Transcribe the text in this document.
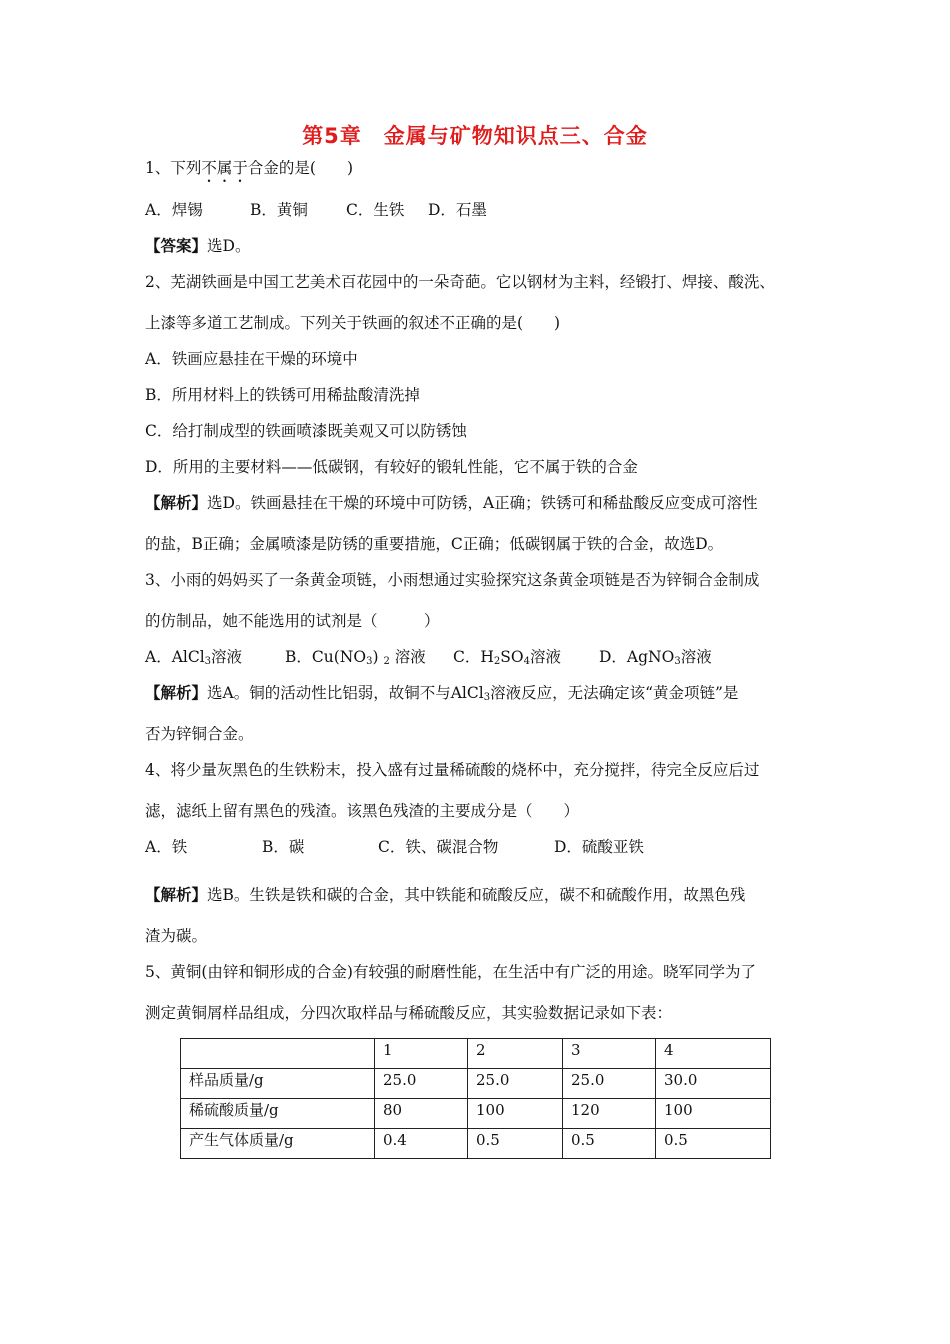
第5章　金属与矿物知识点三、合金
1、下列不属于合金的是(　　)
A．焊锡	B．黄铜 C．生铁 D．石墨
【答案】选D。
2、芜湖铁画是中国工艺美术百花园中的一朵奇葩。它以钢材为主料，经锻打、焊接、酸洗、
上漆等多道工艺制成。下列关于铁画的叙述不正确的是(　　)
A．铁画应悬挂在干燥的环境中
B．所用材料上的铁锈可用稀盐酸清洗掉
C．给打制成型的铁画喷漆既美观又可以防锈蚀
D．所用的主要材料——低碳钢，有较好的锻轧性能，它不属于铁的合金
【解析】选D。铁画悬挂在干燥的环境中可防锈，A正确；铁锈可和稀盐酸反应变成可溶性
的盐，B正确；金属喷漆是防锈的重要措施，C正确；低碳钢属于铁的合金，故选D。
3、小雨的妈妈买了一条黄金项链，小雨想通过实验探究这条黄金项链是否为锌铜合金制成
的仿制品，她不能选用的试剂是（　　　）
A．AlCl$_3$溶液	B．$Cu(NO_3)$ $_2$ 溶液 C．$H_2SO_4$溶液 D．AgNO$_3$溶液
【解析】选A。铜的活动性比铝弱，故铜不与AlCl$_3$溶液反应，无法确定该“黄金项链”是
否为锌铜合金。
4、将少量灰黑色的生铁粉末，投入盛有过量稀硫酸的烧杯中，充分搅拌，待完全反应后过
滤，滤纸上留有黑色的残渣。该黑色残渣的主要成分是（　　）
A．铁	B．碳	C．铁、碳混合物	D．硫酸亚铁
【解析】选B。生铁是铁和碳的合金，其中铁能和硫酸反应，碳不和硫酸作用，故黑色残
渣为碳。
5、黄铜(由锌和铜形成的合金)有较强的耐磨性能，在生活中有广泛的用途。晓军同学为了
测定黄铜屑样品组成，分四次取样品与稀硫酸反应，其实验数据记录如下表：
	1	2	3	4
样品质量/g	25.0	25.0	25.0	30.0
稀硫酸质量/g	80	100	120	100
产生气体质量/g	0.4	0.5	0.5	0.5
